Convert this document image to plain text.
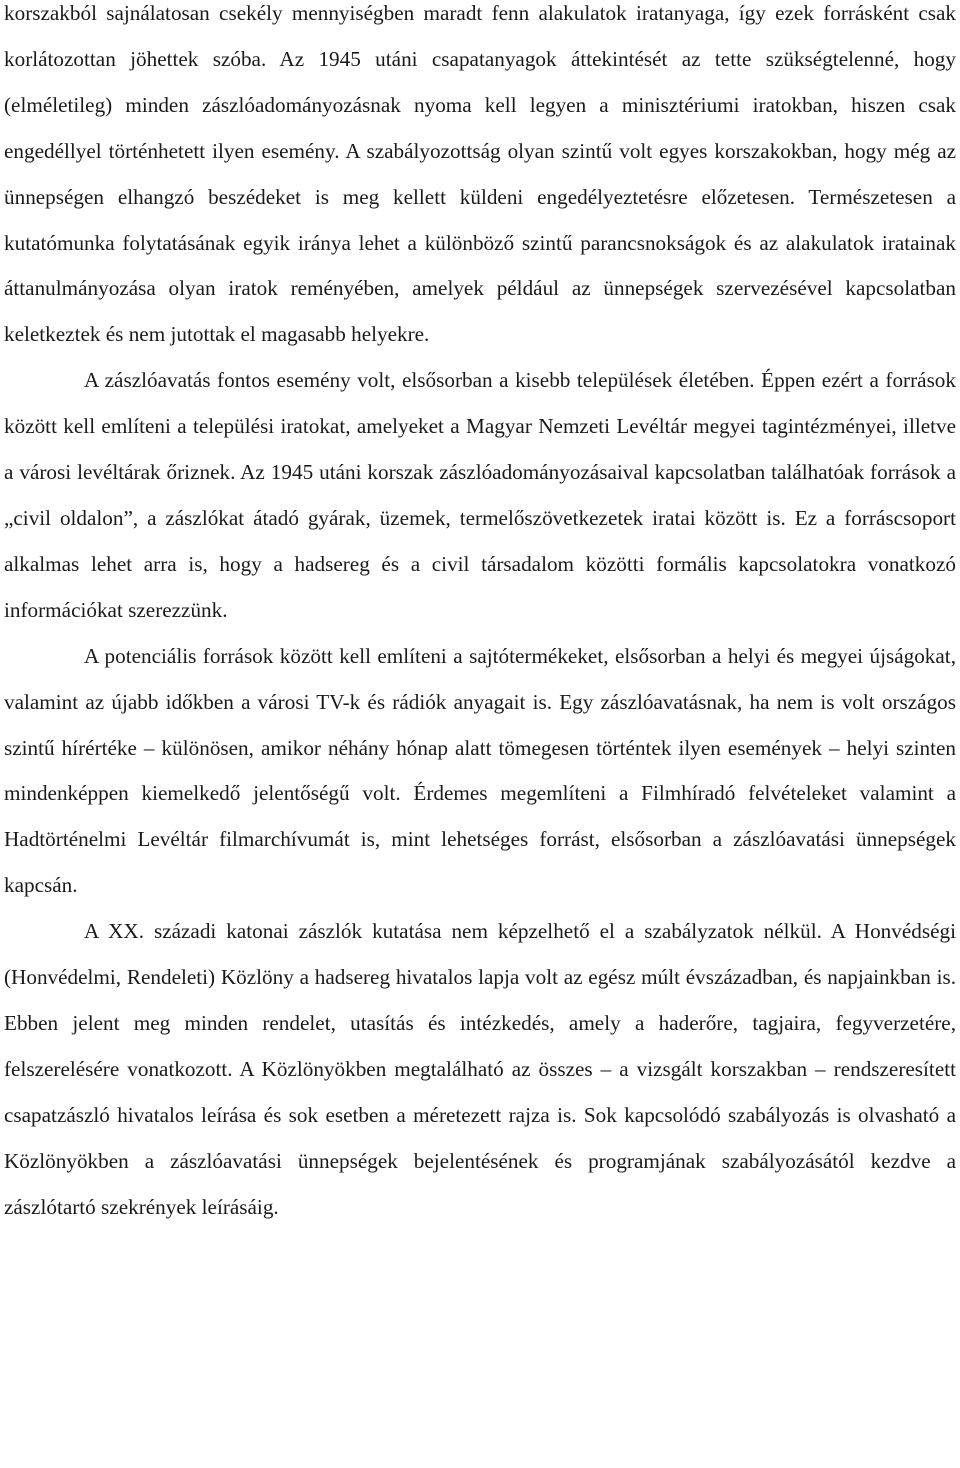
korszakból sajnálatosan csekély mennyiségben maradt fenn alakulatok iratanyaga, így ezek forrásként csak korlátozottan jöhettek szóba. Az 1945 utáni csapatanyagok áttekintését az tette szükségtelenné, hogy (elméletileg) minden zászlóadományozásnak nyoma kell legyen a minisztériumi iratokban, hiszen csak engedéllyel történhetett ilyen esemény. A szabályozottság olyan szintű volt egyes korszakokban, hogy még az ünnepségen elhangzó beszédeket is meg kellett küldeni engedélyeztetésre előzetesen. Természetesen a kutatómunka folytatásának egyik iránya lehet a különböző szintű parancsnokságok és az alakulatok iratainak áttanulmányozása olyan iratok reményében, amelyek például az ünnepségek szervezésével kapcsolatban keletkeztek és nem jutottak el magasabb helyekre.

A zászlóavatás fontos esemény volt, elsősorban a kisebb települések életében. Éppen ezért a források között kell említeni a települési iratokat, amelyeket a Magyar Nemzeti Levéltár megyei tagintézményei, illetve a városi levéltárak őriznek. Az 1945 utáni korszak zászlóadományozásaival kapcsolatban találhatóak források a „civil oldalon”, a zászlókat átadó gyárak, üzemek, termelőszövetkezetek iratai között is. Ez a forráscsoport alkalmas lehet arra is, hogy a hadsereg és a civil társadalom közötti formális kapcsolatokra vonatkozó információkat szerezzünk.

A potenciális források között kell említeni a sajtótermékeket, elsősorban a helyi és megyei újságokat, valamint az újabb időkben a városi TV-k és rádiók anyagait is. Egy zászlóavatásnak, ha nem is volt országos szintű hírértéke – különösen, amikor néhány hónap alatt tömegesen történtek ilyen események – helyi szinten mindenképpen kiemelkedő jelentőségű volt. Érdemes megemlíteni a Filmhíradó felvételeket valamint a Hadtörténelmi Levéltár filmarchívumát is, mint lehetséges forrást, elsősorban a zászlóavatási ünnepségek kapcsán.

A XX. századi katonai zászlók kutatása nem képzelhető el a szabályzatok nélkül. A Honvédségi (Honvédelmi, Rendeleti) Közlöny a hadsereg hivatalos lapja volt az egész múlt évszázadban, és napjainkban is. Ebben jelent meg minden rendelet, utasítás és intézkedés, amely a haderőre, tagjaira, fegyverzetére, felszerelésére vonatkozott. A Közlönyökben megtalálható az összes – a vizsgált korszakban – rendszeresített csapatzászló hivatalos leírása és sok esetben a méretezett rajza is. Sok kapcsolódó szabályozás is olvasható a Közlönyökben a zászlóavatási ünnepségek bejelentésének és programjának szabályozásától kezdve a zászlótartó szekrények leírásáig.
